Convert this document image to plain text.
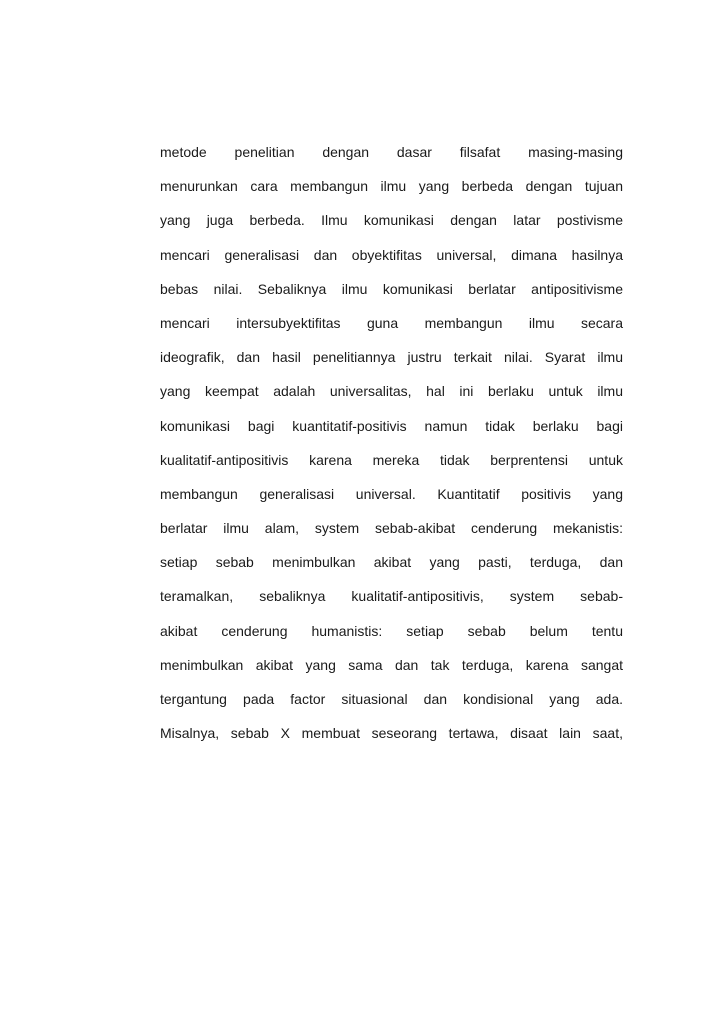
metode penelitian dengan dasar filsafat masing-masing
menurunkan cara membangun ilmu yang berbeda dengan tujuan
yang juga berbeda. Ilmu komunikasi dengan latar postivisme
mencari generalisasi dan obyektifitas universal, dimana hasilnya
bebas nilai. Sebaliknya ilmu komunikasi berlatar antipositivisme
mencari intersubyektifitas guna membangun ilmu secara
ideografik, dan hasil penelitiannya justru terkait nilai. Syarat ilmu
yang keempat adalah universalitas, hal ini berlaku untuk ilmu
komunikasi bagi kuantitatif-positivis namun tidak berlaku bagi
kualitatif-antipositivis karena mereka tidak berprentensi untuk
membangun generalisasi universal. Kuantitatif positivis yang
berlatar ilmu alam, system sebab-akibat cenderung mekanistis:
setiap sebab menimbulkan akibat yang pasti, terduga, dan
teramalkan, sebaliknya kualitatif-antipositivis, system sebab-
akibat cenderung humanistis: setiap sebab belum tentu
menimbulkan akibat yang sama dan tak terduga, karena sangat
tergantung pada factor situasional dan kondisional yang ada.
Misalnya, sebab X membuat seseorang tertawa, disaat lain saat,
